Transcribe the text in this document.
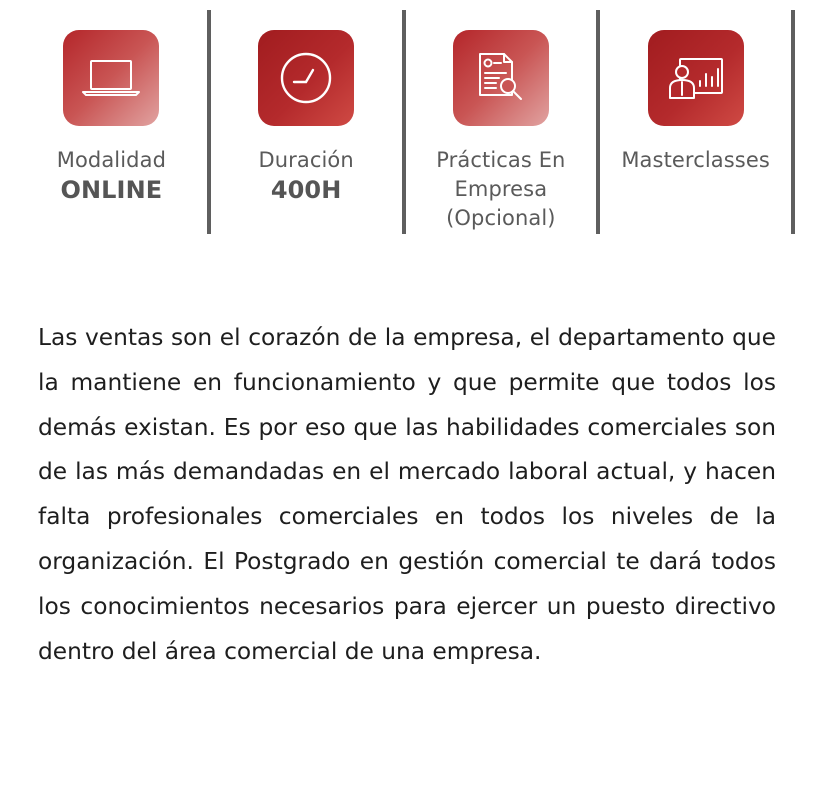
Modalidad
ONLINE
Duración
400H
Prácticas En
Empresa
(Opcional)
Masterclasses

Las ventas son el corazón de la empresa, el departamento que la mantiene en funcionamiento y que permite que todos los demás existan. Es por eso que las habilidades comerciales son de las más demandadas en el mercado laboral actual, y hacen falta profesionales comerciales en todos los niveles de la organización. El Postgrado en gestión comercial te dará todos los conocimientos necesarios para ejercer un puesto directivo dentro del área comercial de una empresa.
